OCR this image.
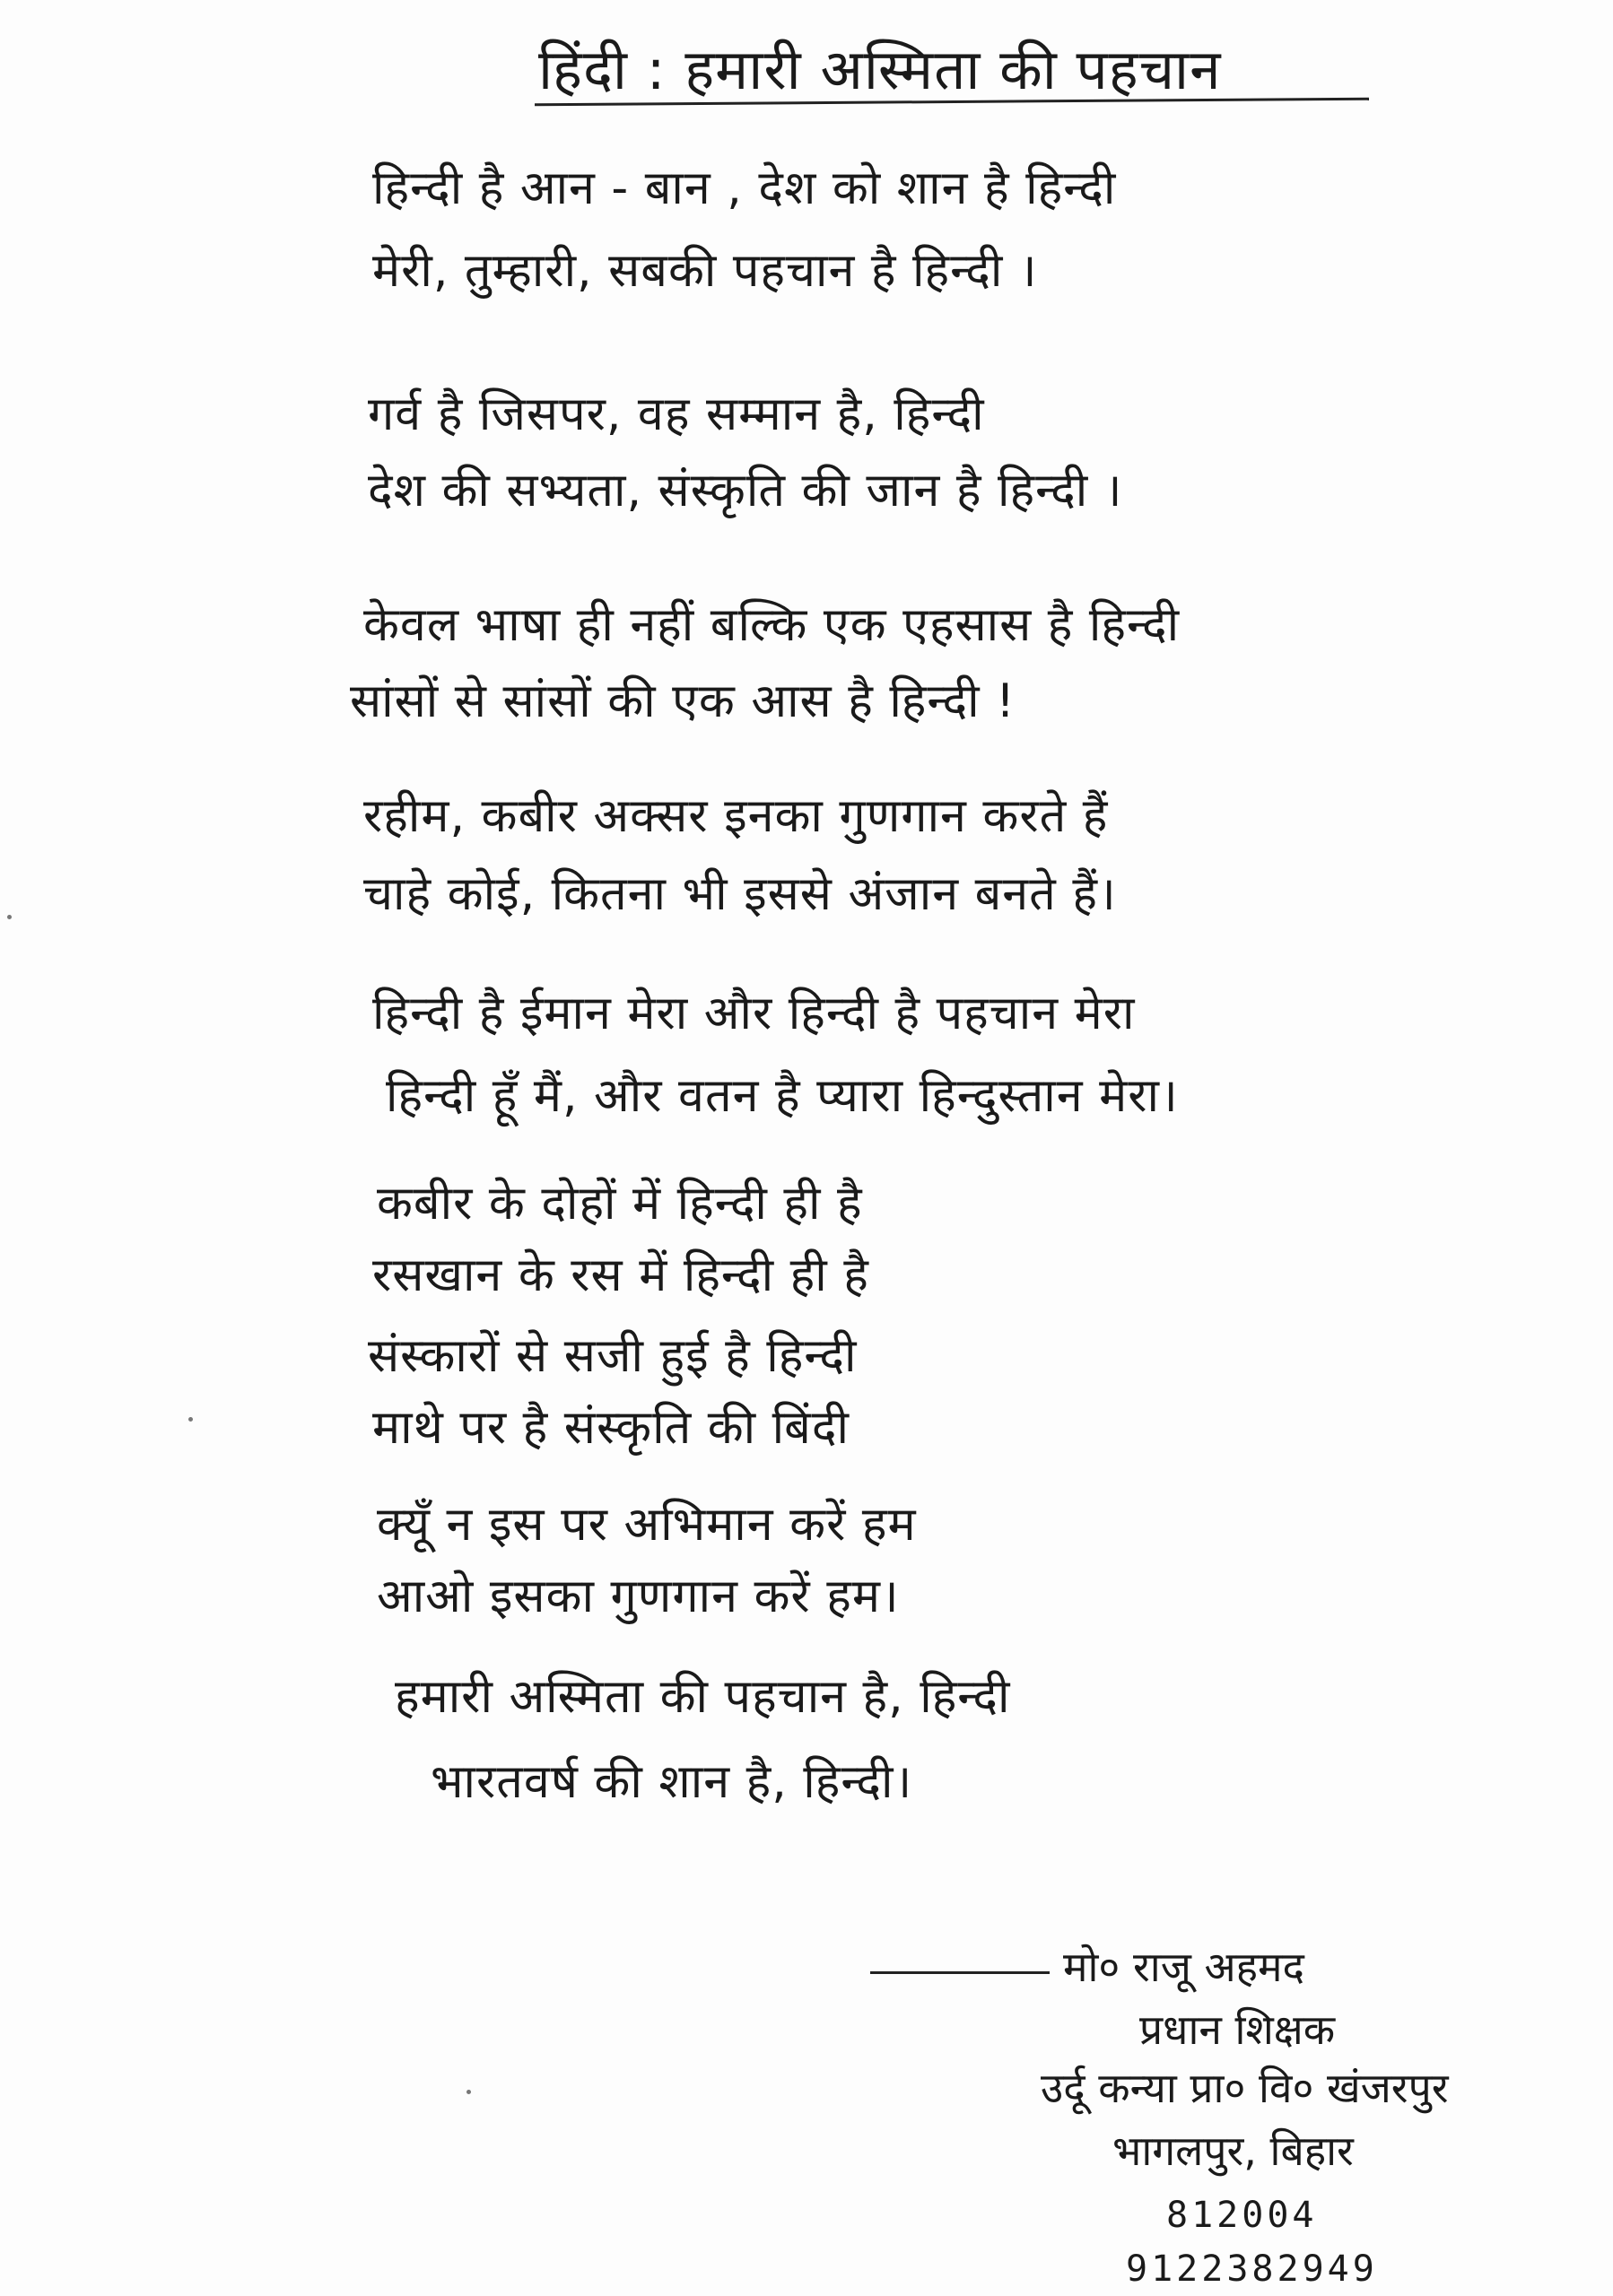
हिंदी : हमारी अस्मिता की पहचान
हिन्दी है आन - बान , देश को शान है हिन्दी
मेरी, तुम्हारी, सबकी पहचान है हिन्दी ।
गर्व है जिसपर, वह सम्मान है, हिन्दी
देश की सभ्यता, संस्कृति की जान है हिन्दी ।
केवल भाषा ही नहीं बल्कि एक एहसास है हिन्दी
सांसों से सांसों की एक आस है हिन्दी !
रहीम, कबीर अक्सर इनका गुणगान करते हैं
चाहे कोई, कितना भी इससे अंजान बनते हैं।
हिन्दी है ईमान मेरा और हिन्दी है पहचान मेरा
हिन्दी हूँ मैं, और वतन है प्यारा हिन्दुस्तान मेरा।
कबीर के दोहों में हिन्दी ही है
रसखान के रस में हिन्दी ही है
संस्कारों से सजी हुई है हिन्दी
माथे पर है संस्कृति की बिंदी
क्यूँ न इस पर अभिमान करें हम
आओ इसका गुणगान करें हम।
हमारी अस्मिता की पहचान है, हिन्दी
भारतवर्ष की शान है, हिन्दी।
मो० राजू अहमद
प्रधान शिक्षक
उर्दू कन्या प्रा० वि० खंजरपुर
भागलपुर, बिहार
812004
9122382949
